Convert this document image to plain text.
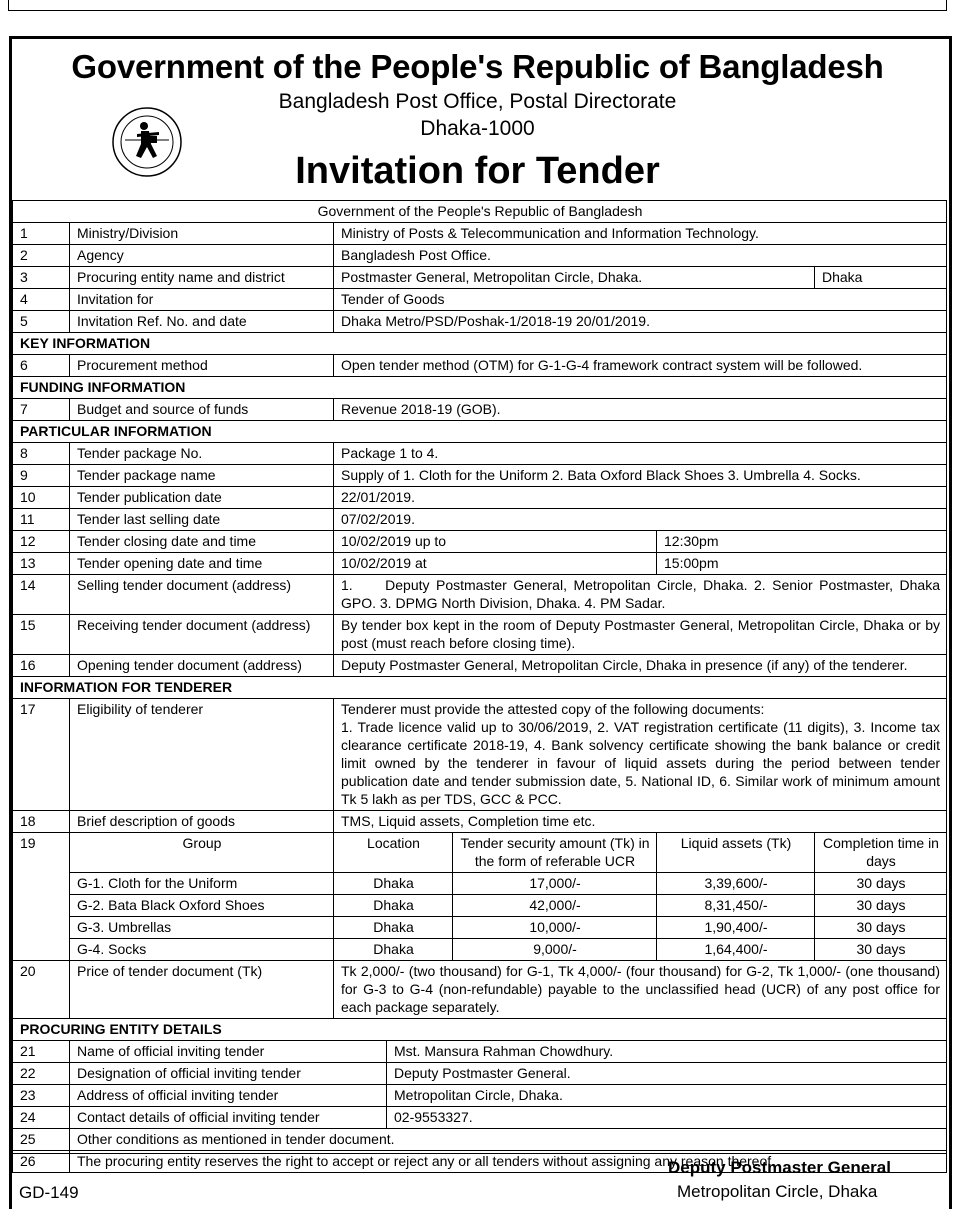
Government of the People's Republic of Bangladesh
Bangladesh Post Office, Postal Directorate
Dhaka-1000
Invitation for Tender
Government of the People's Republic of Bangladesh						
1	Ministry/Division	Ministry of Posts & Telecommunication and Information Technology.				
2	Agency	Bangladesh Post Office.				
3	Procuring entity name and district	Postmaster General, Metropolitan Circle, Dhaka.				Dhaka
4	Invitation for	Tender of Goods				
5	Invitation Ref. No. and date	Dhaka Metro/PSD/Poshak-1/2018-19 20/01/2019.				
KEY INFORMATION						
6	Procurement method	Open tender method (OTM) for G-1-G-4 framework contract system will be followed.				
FUNDING INFORMATION						
7	Budget and source of funds	Revenue 2018-19 (GOB).				
PARTICULAR INFORMATION						
8	Tender package No.	Package 1 to 4.				
9	Tender package name	Supply of 1. Cloth for the Uniform 2. Bata Oxford Black Shoes 3. Umbrella 4. Socks.				
10	Tender publication date	22/01/2019.				
11	Tender last selling date	07/02/2019.				
12	Tender closing date and time	10/02/2019 up to			12:30pm	
13	Tender opening date and time	10/02/2019 at			15:00pm	
14	Selling tender document (address)	1.     Deputy Postmaster General, Metropolitan Circle, Dhaka. 2. Senior Postmaster, Dhaka GPO. 3. DPMG North Division, Dhaka. 4. PM Sadar.				
15	Receiving tender document (address)	By tender box kept in the room of Deputy Postmaster General, Metropolitan Circle, Dhaka or by post (must reach before closing time).				
16	Opening tender document (address)	Deputy Postmaster General, Metropolitan Circle, Dhaka in presence (if any) of the tenderer.				
INFORMATION FOR TENDERER						
17	Eligibility of tenderer	Tenderer must provide the attested copy of the following documents:
1. Trade licence valid up to 30/06/2019, 2. VAT registration certificate (11 digits), 3. Income tax clearance certificate 2018-19, 4. Bank solvency certificate showing the bank balance or credit limit owned by the tenderer in favour of liquid assets during the period between tender publication date and tender submission date, 5. National ID, 6. Similar work of minimum amount Tk 5 lakh as per TDS, GCC & PCC.				

18	Brief description of goods	TMS, Liquid assets, Completion time etc.				
19	Group	Location		Tender security amount (Tk) in the form of referable UCR	Liquid assets (Tk)	Completion time in days
	G-1. Cloth for the Uniform	Dhaka		17,000/-	3,39,600/-	30 days
	G-2. Bata Black Oxford Shoes	Dhaka		42,000/-	8,31,450/-	30 days
	G-3. Umbrellas	Dhaka		10,000/-	1,90,400/-	30 days
	G-4. Socks	Dhaka		9,000/-	1,64,400/-	30 days
20	Price of tender document (Tk)	Tk 2,000/- (two thousand) for G-1, Tk 4,000/- (four thousand) for G-2, Tk 1,000/- (one thousand) for G-3 to G-4 (non-refundable) payable to the unclassified head (UCR) of any post office for each package separately.				
PROCURING ENTITY DETAILS						
21	Name of official inviting tender		Mst. Mansura Rahman Chowdhury.			
22	Designation of official inviting tender		Deputy Postmaster General.			
23	Address of official inviting tender		Metropolitan Circle, Dhaka.			
24	Contact details of official inviting tender		02-9553327.			
25	Other conditions as mentioned in tender document.					
26	The procuring entity reserves the right to accept or reject any or all tenders without assigning any reason thereof.					
GD-149
Deputy Postmaster General
Metropolitan Circle, Dhaka
